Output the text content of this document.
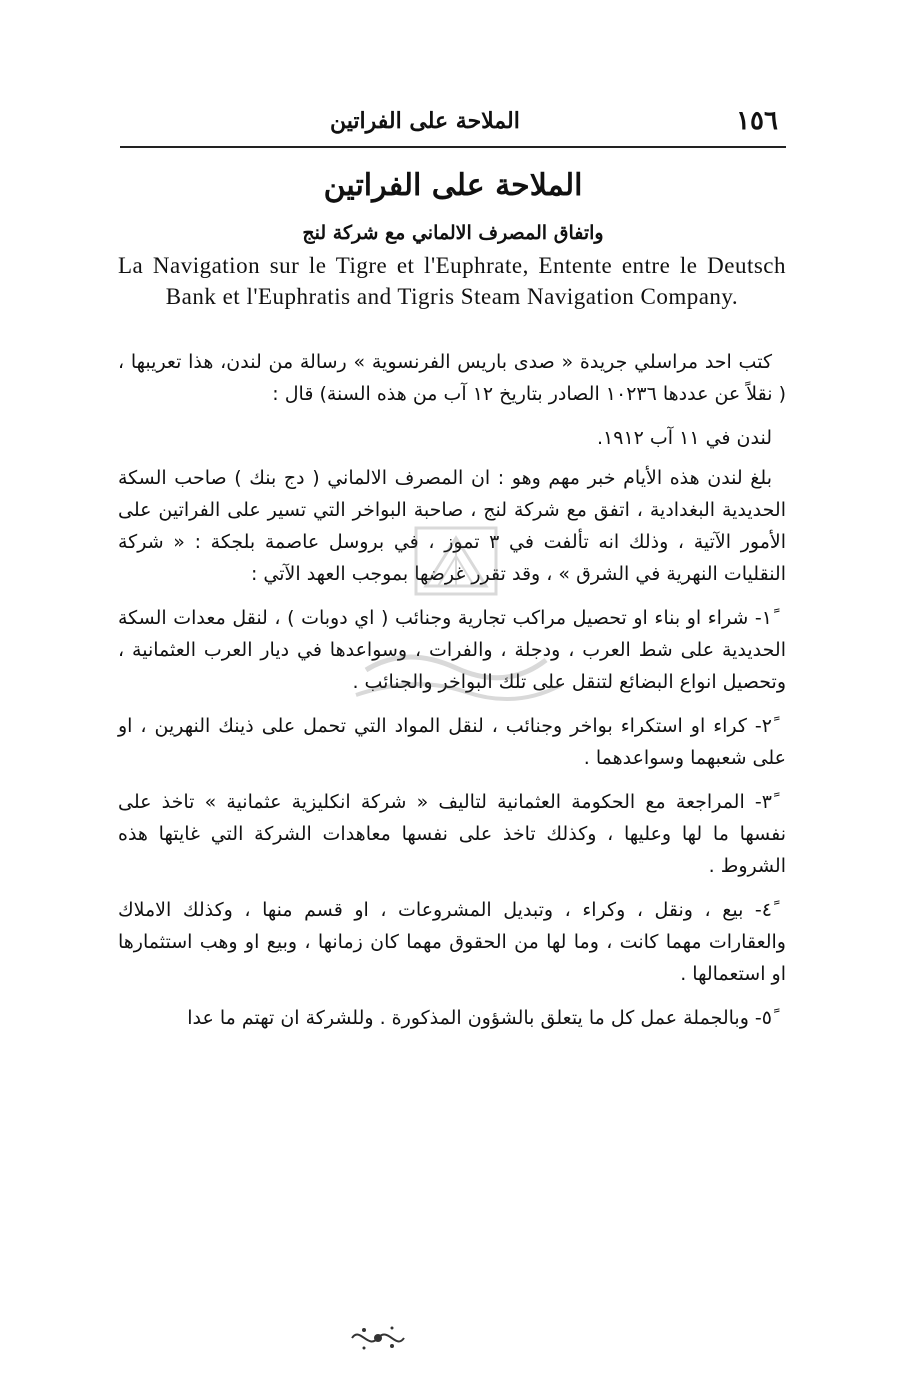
١٥٦
الملاحة على الفراتين
الملاحة على الفراتين
واتفاق المصرف الالماني مع شركة لنج
La Navigation sur le Tigre et l'Euphrate, Entente entre le Deutsch Bank et l'Euphratis and Tigris Steam Navigation Company.

كتب احد مراسلي جريدة « صدى باريس الفرنسوية » رسالة من لندن، هذا تعريبها ، ( نقلاً عن عددها ١٠٢٣٦ الصادر بتاريخ ١٢ آب من هذه السنة) قال :

لندن في ١١ آب ١٩١٢.

بلغ لندن هذه الأيام خبر مهم وهو : ان المصرف الالماني ( دج بنك ) صاحب السكة الحديدية البغدادية ، اتفق مع شركة لنج ، صاحبة البواخر التي تسير على الفراتين على الأمور الآتية ، وذلك انه تألفت في ٣ تموز ، في بروسل عاصمة بلجكة : « شركة النقليات النهرية في الشرق » ، وقد تقرر غرضها بموجب العهد الآتي :

١ً- شراء او بناء او تحصيل مراكب تجارية وجنائب ( اي دوبات ) ، لنقل معدات السكة الحديدية على شط العرب ، ودجلة ، والفرات ، وسواعدها في ديار العرب العثمانية ، وتحصيل انواع البضائع لتنقل على تلك البواخر والجنائب .

٢ً- كراء او استكراء بواخر وجنائب ، لنقل المواد التي تحمل على ذينك النهرين ، او على شعبهما وسواعدهما .

٣ً- المراجعة مع الحكومة العثمانية لتاليف « شركة انكليزية عثمانية » تاخذ على نفسها ما لها وعليها ، وكذلك تاخذ على نفسها معاهدات الشركة التي غايتها هذه الشروط .

٤ً- بيع ، ونقل ، وكراء ، وتبديل المشروعات ، او قسم منها ، وكذلك الاملاك والعقارات مهما كانت ، وما لها من الحقوق مهما كان زمانها ، وبيع او وهب استثمارها او استعمالها .

٥ً- وبالجملة عمل كل ما يتعلق بالشؤون المذكورة . وللشركة ان تهتم ما عدا
